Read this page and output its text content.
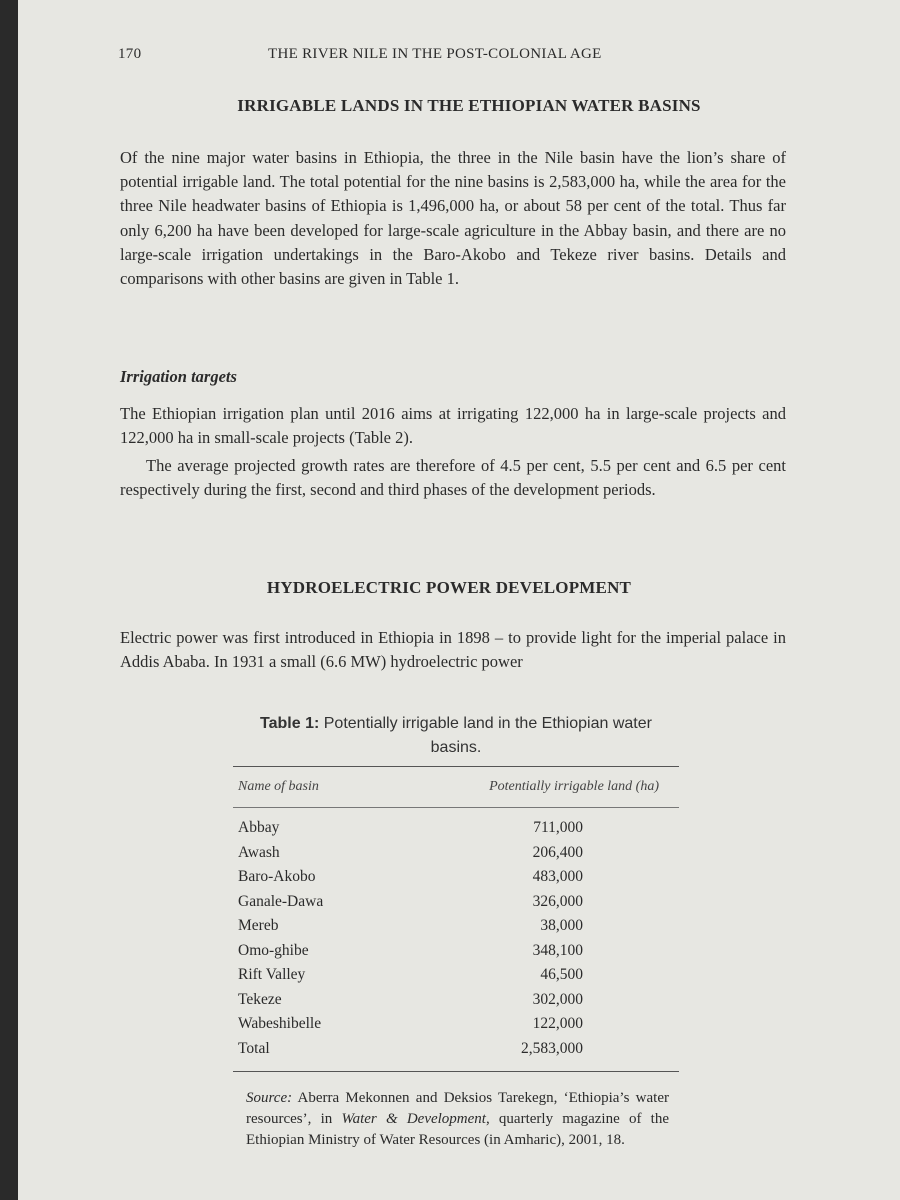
170	THE RIVER NILE IN THE POST-COLONIAL AGE
IRRIGABLE LANDS IN THE ETHIOPIAN WATER BASINS

Of the nine major water basins in Ethiopia, the three in the Nile basin have the lion’s share of potential irrigable land. The total potential for the nine basins is 2,583,000 ha, while the area for the three Nile headwater basins of Ethiopia is 1,496,000 ha, or about 58 per cent of the total. Thus far only 6,200 ha have been developed for large-scale agriculture in the Abbay basin, and there are no large-scale irrigation undertakings in the Baro-Akobo and Tekeze river basins. Details and comparisons with other basins are given in Table 1.

Irrigation targets

The Ethiopian irrigation plan until 2016 aims at irrigating 122,000 ha in large-scale projects and 122,000 ha in small-scale projects (Table 2).

The average projected growth rates are therefore of 4.5 per cent, 5.5 per cent and 6.5 per cent respectively during the first, second and third phases of the development periods.

HYDROELECTRIC POWER DEVELOPMENT

Electric power was first introduced in Ethiopia in 1898 – to provide light for the imperial palace in Addis Ababa. In 1931 a small (6.6 MW) hydroelectric power

Table 1: Potentially irrigable land in the Ethiopian water basins.

Name of basin	Potentially irrigable land (ha)
Abbay	711,000
Awash	206,400
Baro-Akobo	483,000
Ganale-Dawa	326,000
Mereb	38,000
Omo-ghibe	348,100
Rift Valley	46,500
Tekeze	302,000
Wabeshibelle	122,000
Total	2,583,000

Source: Aberra Mekonnen and Deksios Tarekegn, ‘Ethiopia’s water resources’, in Water & Development, quarterly magazine of the Ethiopian Ministry of Water Resources (in Amharic), 2001, 18.
